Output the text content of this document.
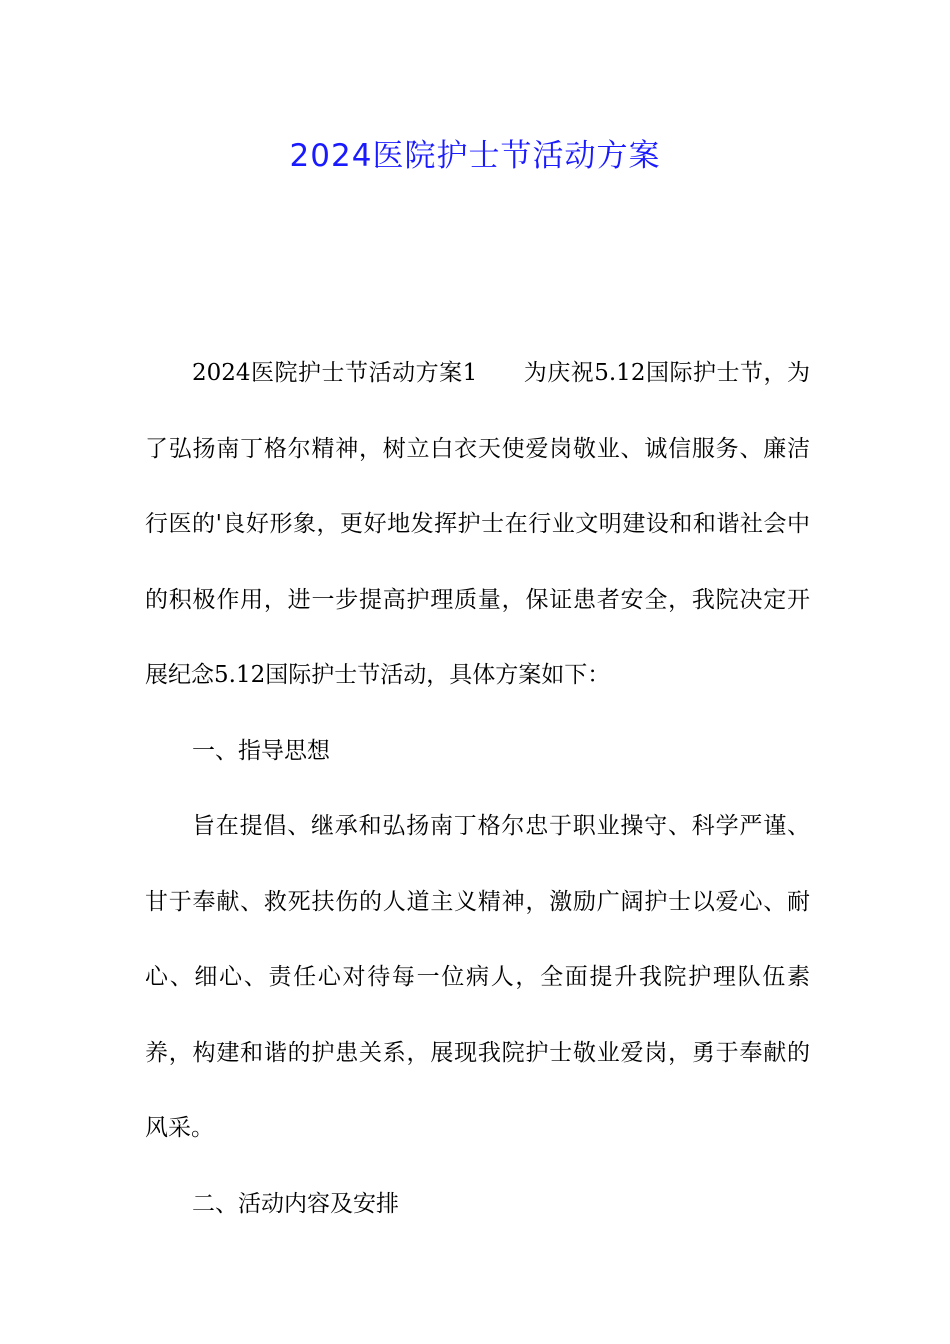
2024医院护士节活动方案

2024医院护士节活动方案1 为庆祝5.12国际护士节，为了弘扬南丁格尔精神，树立白衣天使爱岗敬业、诚信服务、廉洁行医的'良好形象，更好地发挥护士在行业文明建设和和谐社会中的积极作用，进一步提高护理质量，保证患者安全，我院决定开展纪念5.12国际护士节活动，具体方案如下：

一、指导思想

旨在提倡、继承和弘扬南丁格尔忠于职业操守、科学严谨、甘于奉献、救死扶伤的人道主义精神，激励广阔护士以爱心、耐心、细心、责任心对待每一位病人，全面提升我院护理队伍素养，构建和谐的护患关系，展现我院护士敬业爱岗，勇于奉献的风采。

二、活动内容及安排
